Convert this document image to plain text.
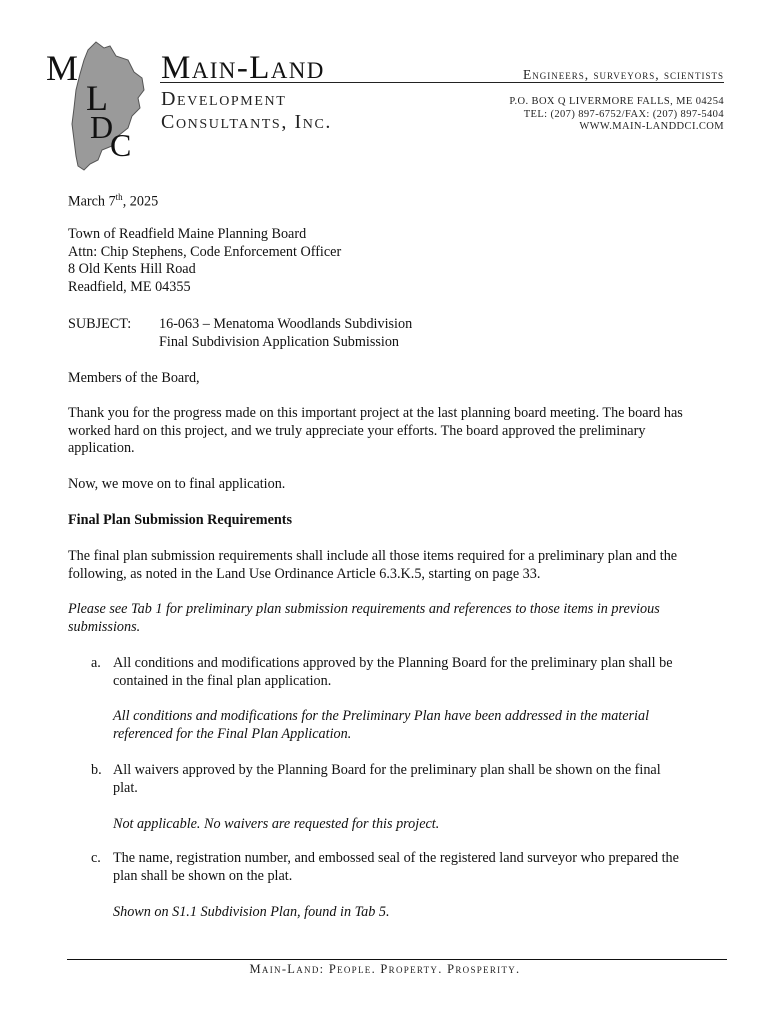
M
L
D
C
Main-Land	Engineers, surveyors, scientists
Development
Consultants, Inc.
P.O. BOX Q LIVERMORE FALLS, ME 04254
TEL: (207) 897-6752/FAX: (207) 897-5404
WWW.MAIN-LANDDCI.COM
March 7th, 2025
Town of Readfield Maine Planning Board
Attn: Chip Stephens, Code Enforcement Officer
8 Old Kents Hill Road
Readfield, ME 04355
SUBJECT: 16-063 – Menatoma Woodlands Subdivision
Final Subdivision Application Submission
Members of the Board,
Thank you for the progress made on this important project at the last planning board meeting. The board has
worked hard on this project, and we truly appreciate your efforts. The board approved the preliminary
application.
Now, we move on to final application.
Final Plan Submission Requirements
The final plan submission requirements shall include all those items required for a preliminary plan and the
following, as noted in the Land Use Ordinance Article 6.3.K.5, starting on page 33.
Please see Tab 1 for preliminary plan submission requirements and references to those items in previous
submissions.
a. All conditions and modifications approved by the Planning Board for the preliminary plan shall be
contained in the final plan application.
All conditions and modifications for the Preliminary Plan have been addressed in the material
referenced for the Final Plan Application.
b. All waivers approved by the Planning Board for the preliminary plan shall be shown on the final
plat.
Not applicable. No waivers are requested for this project.
c. The name, registration number, and embossed seal of the registered land surveyor who prepared the
plan shall be shown on the plat.
Shown on S1.1 Subdivision Plan, found in Tab 5.
Main-Land: People. Property. Prosperity.
